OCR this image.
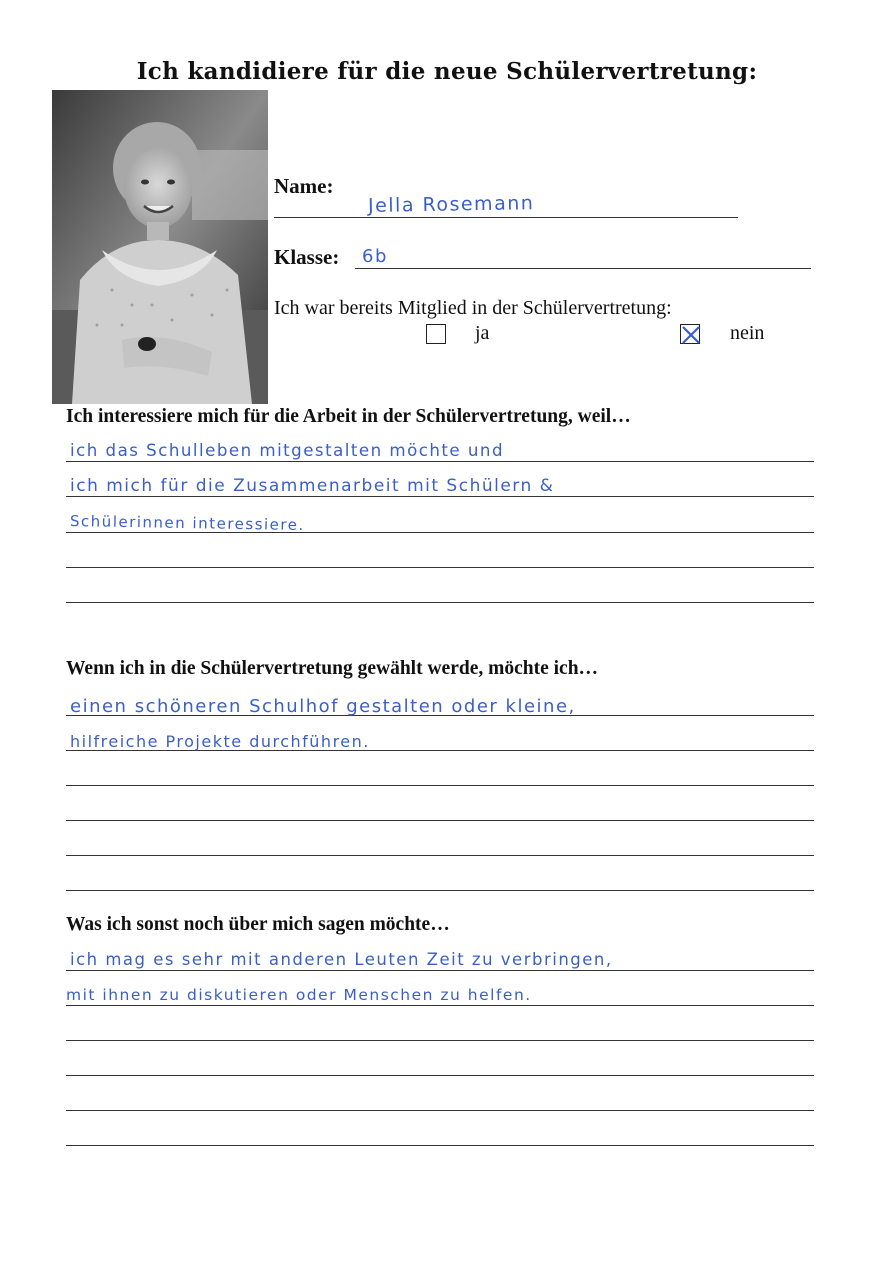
Ich kandidiere für die neue Schülervertretung:
Name:
Jella Rosemann
Klasse: 6b
Ich war bereits Mitglied in der Schülervertretung:
ja	nein
Ich interessiere mich für die Arbeit in der Schülervertretung, weil…
ich das Schulleben mitgestalten möchte und
ich mich für die Zusammenarbeit mit Schülern &
Schülerinnen interessiere.
Wenn ich in die Schülervertretung gewählt werde, möchte ich…
einen schöneren Schulhof gestalten oder kleine,
hilfreiche Projekte durchführen.
Was ich sonst noch über mich sagen möchte…
ich mag es sehr mit anderen Leuten Zeit zu verbringen,
mit ihnen zu diskutieren oder Menschen zu helfen.
